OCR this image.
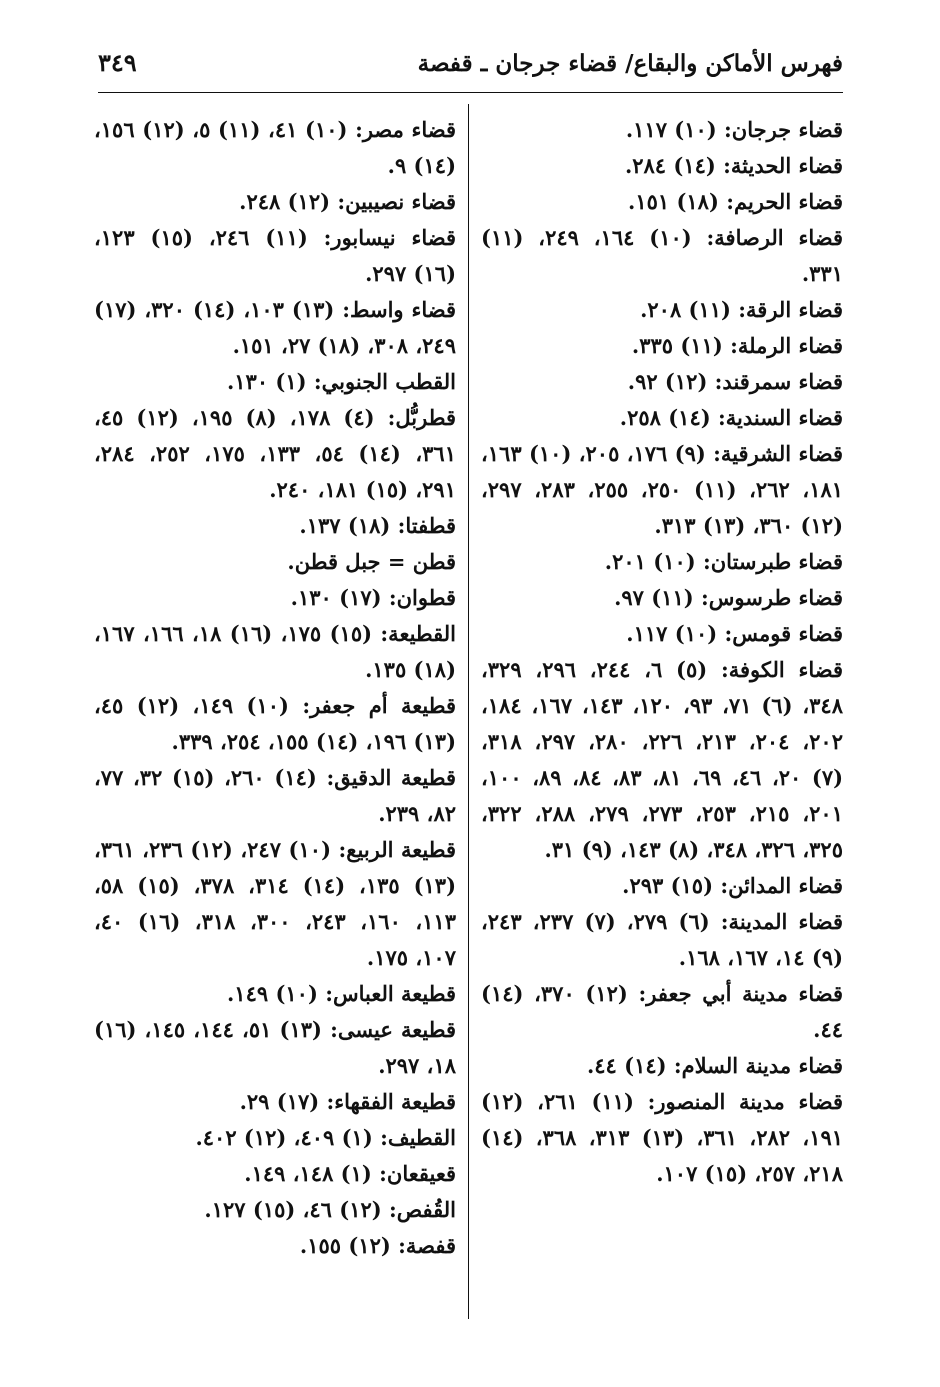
فهرس الأماكن والبقاع/ قضاء جرجان ـ قفصة
٣٤٩

قضاء جرجان: (١٠) ١١٧.

قضاء الحديثة: (١٤) ٢٨٤.

قضاء الحريم: (١٨) ١٥١.

قضاء الرصافة: (١٠) ١٦٤، ٢٤٩، (١١) ٣٣١.

قضاء الرقة: (١١) ٢٠٨.

قضاء الرملة: (١١) ٣٣٥.

قضاء سمرقند: (١٢) ٩٢.

قضاء السندية: (١٤) ٢٥٨.

قضاء الشرقية: (٩) ١٧٦، ٢٠٥، (١٠) ١٦٣، ١٨١، ٢٦٢، (١١) ٢٥٠، ٢٥٥، ٢٨٣، ٢٩٧، (١٢) ٣٦٠، (١٣) ٣١٣.

قضاء طبرستان: (١٠) ٢٠١.

قضاء طرسوس: (١١) ٩٧.

قضاء قومس: (١٠) ١١٧.

قضاء الكوفة: (٥) ٦، ٢٤٤، ٢٩٦، ٣٢٩، ٣٤٨، (٦) ٧١، ٩٣، ١٢٠، ١٤٣، ١٦٧، ١٨٤، ٢٠٢، ٢٠٤، ٢١٣، ٢٢٦، ٢٨٠، ٢٩٧، ٣١٨، (٧) ٢٠، ٤٦، ٦٩، ٨١، ٨٣، ٨٤، ٨٩، ١٠٠، ٢٠١، ٢١٥، ٢٥٣، ٢٧٣، ٢٧٩، ٢٨٨، ٣٢٢، ٣٢٥، ٣٢٦، ٣٤٨، (٨) ١٤٣، (٩) ٣١.

قضاء المدائن: (١٥) ٢٩٣.

قضاء المدينة: (٦) ٢٧٩، (٧) ٢٣٧، ٢٤٣، (٩) ١٤، ١٦٧، ١٦٨.

قضاء مدينة أبي جعفر: (١٢) ٣٧٠، (١٤) ٤٤.

قضاء مدينة السلام: (١٤) ٤٤.

قضاء مدينة المنصور: (١١) ٢٦١، (١٢) ١٩١، ٢٨٢، ٣٦١، (١٣) ٣١٣، ٣٦٨، (١٤) ٢١٨، ٢٥٧، (١٥) ١٠٧.

قضاء مصر: (١٠) ٤١، (١١) ٥، (١٢) ١٥٦، (١٤) ٩.

قضاء نصيبين: (١٢) ٢٤٨.

قضاء نيسابور: (١١) ٢٤٦، (١٥) ١٢٣، (١٦) ٢٩٧.

قضاء واسط: (١٣) ١٠٣، (١٤) ٣٢٠، (١٧) ٢٤٩، ٣٠٨، (١٨) ٢٧، ١٥١.

القطب الجنوبي: (١) ١٣٠.

قطربُّل: (٤) ١٧٨، (٨) ١٩٥، (١٢) ٤٥، ٣٦١، (١٤) ٥٤، ١٣٣، ١٧٥، ٢٥٢، ٢٨٤، ٢٩١، (١٥) ١٨١، ٢٤٠.

قطفتا: (١٨) ١٣٧.

قطن = جبل قطن.

قطوان: (١٧) ١٣٠.

القطيعة: (١٥) ١٧٥، (١٦) ١٨، ١٦٦، ١٦٧، (١٨) ١٣٥.

قطيعة أم جعفر: (١٠) ١٤٩، (١٢) ٤٥، (١٣) ١٩٦، (١٤) ١٥٥، ٢٥٤، ٣٣٩.

قطيعة الدقيق: (١٤) ٢٦٠، (١٥) ٣٢، ٧٧، ٨٢، ٢٣٩.

قطيعة الربيع: (١٠) ٢٤٧، (١٢) ٢٣٦، ٣٦١، (١٣) ١٣٥، (١٤) ٣١٤، ٣٧٨، (١٥) ٥٨، ١١٣، ١٦٠، ٢٤٣، ٣٠٠، ٣١٨، (١٦) ٤٠، ١٠٧، ١٧٥.

قطيعة العباس: (١٠) ١٤٩.

قطيعة عيسى: (١٣) ٥١، ١٤٤، ١٤٥، (١٦) ١٨، ٢٩٧.

قطيعة الفقهاء: (١٧) ٢٩.

القطيف: (١) ٤٠٩، (١٢) ٤٠٢.

قعيقعان: (١) ١٤٨، ١٤٩.

القُفص: (١٢) ٤٦، (١٥) ١٢٧.

قفصة: (١٢) ١٥٥.
